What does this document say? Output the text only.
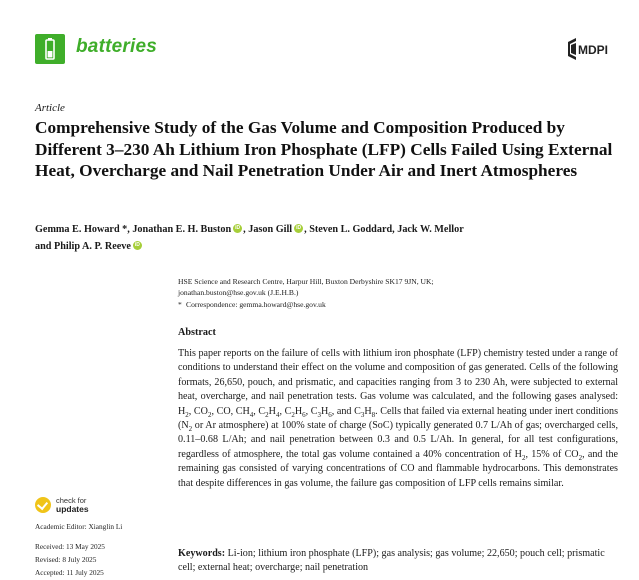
batteries	MDPI
Article
Comprehensive Study of the Gas Volume and Composition Produced by Different 3–230 Ah Lithium Iron Phosphate (LFP) Cells Failed Using External Heat, Overcharge and Nail Penetration Under Air and Inert Atmospheres
Gemma E. Howard *, Jonathan E. H. Buston iD , Jason Gill iD , Steven L. Goddard, Jack W. Mellor
and Philip A. P. ReeveiD
HSE Science and Research Centre, Harpur Hill, Buxton Derbyshire SK17 9JN, UK;
jonathan.buston@hse.gov.uk (J.E.H.B.)
* Correspondence: gemma.howard@hse.gov.uk
Abstract
This paper reports on the failure of cells with lithium iron phosphate (LFP) chemistry tested under a range of conditions to understand their effect on the volume and composition of gas generated. Cells of the following formats, 26,650, pouch, and prismatic, and capacities ranging from 3 to 230 Ah, were subjected to external heat, overcharge, and nail penetration tests. Gas volume was calculated, and the following gases analysed: $H_2$, $CO_2$, CO, $CH_4$, $C_2H_4$, $C_2H_6$, $C_3H_6$, and $C_3H_8$. Cells that failed via external heating under inert conditions ($N_2$ or Ar atmosphere) at 100% state of charge (SoC) typically generated 0.7 L/Ah of gas; overcharged cells, 0.11–0.68 L/Ah; and nail penetration between 0.3 and 0.5 L/Ah. In general, for all test configurations, regardless of atmosphere, the total gas volume contained a 40% concentration of $H_2$, 15% of $CO_2$, and the remaining gas consisted of varying concentrations of CO and flammable hydrocarbons. This demonstrates that despite differences in gas volume, the failure gas composition of LFP cells remains similar.
Keywords: Li-ion; lithium iron phosphate (LFP); gas analysis; gas volume; 22,650; pouch cell; prismatic cell; external heat; overcharge; nail penetration
check for
updates
Academic Editor: Xianglin Li
Received: 13 May 2025
Revised: 8 July 2025
Accepted: 11 July 2025
